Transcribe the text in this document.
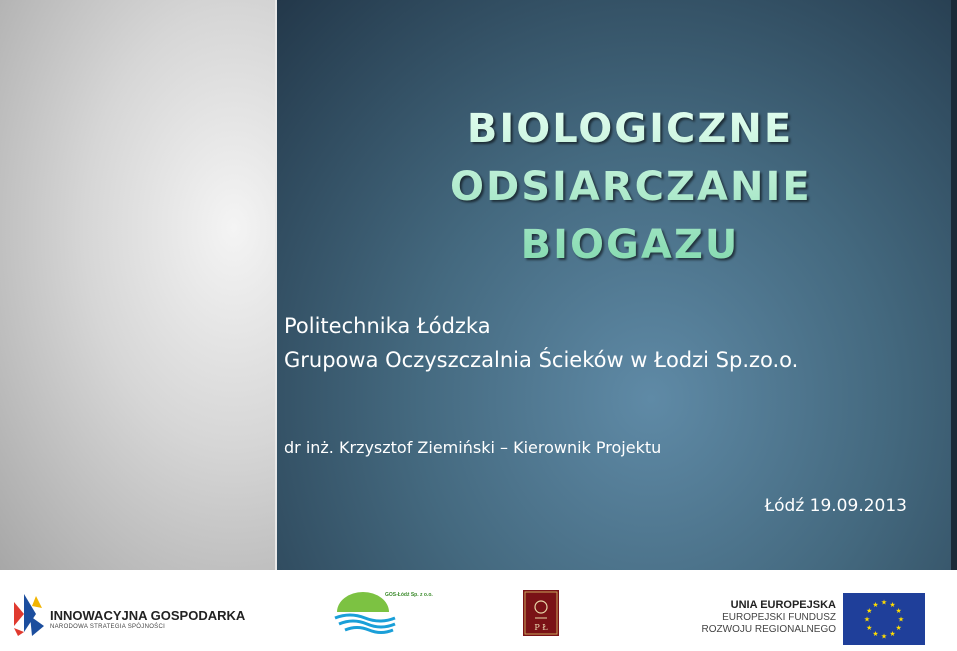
BIOLOGICZNE
ODSIARCZANIE
BIOGAZU
Politechnika Łódzka
Grupowa Oczyszczalnia Ścieków w Łodzi Sp.zo.o.
dr inż. Krzysztof Ziemiński – Kierownik Projektu
Łódź 19.09.2013
INNOWACYJNA GOSPODARKA
NARODOWA STRATEGIA SPÓJNOŚCI
GOS-Łódź Sp. z o.o.
P Ł
UNIA EUROPEJSKA
EUROPEJSKI FUNDUSZ
ROZWOJU REGIONALNEGO
★ ★
★
★
★
★
★
★
★
★
★
★
